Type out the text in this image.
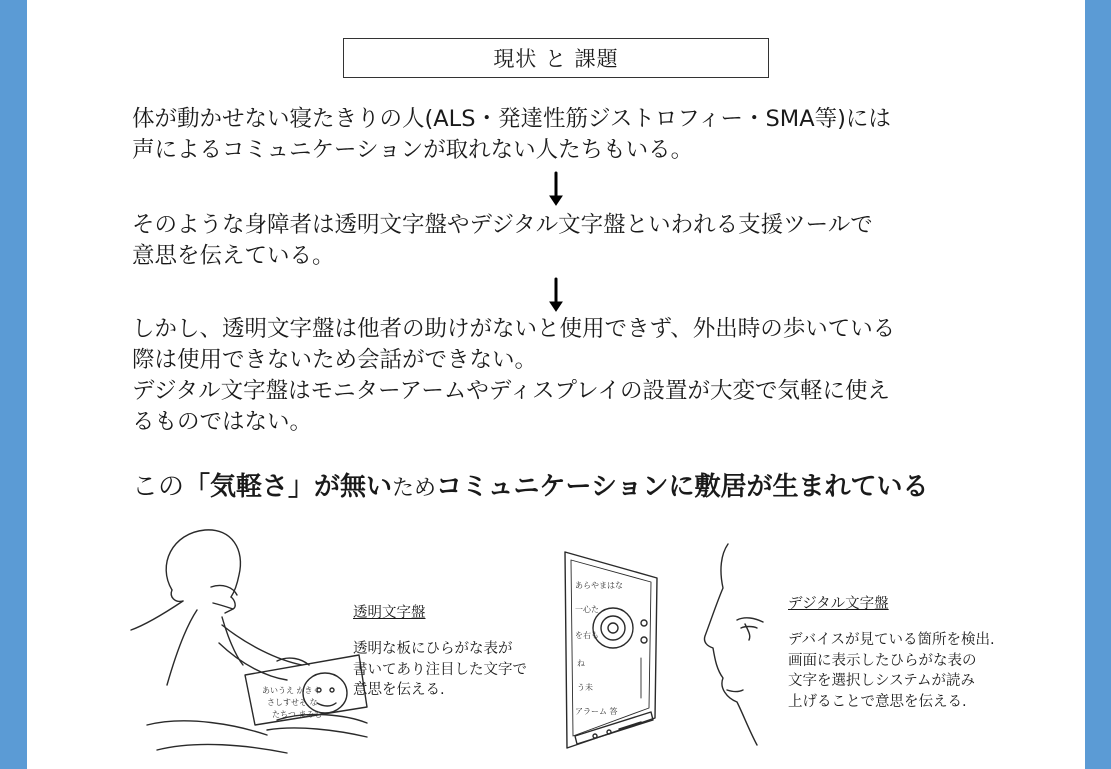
現状 と 課題
体が動かせない寝たきりの人(ALS・発達性筋ジストロフィー・SMA等)には
声によるコミュニケーションが取れない人たちもいる。
そのような身障者は透明文字盤やデジタル文字盤といわれる支援ツールで
意思を伝えている。
しかし、透明文字盤は他者の助けがないと使用できず、外出時の歩いている
際は使用できないため会話ができない。
デジタル文字盤はモニターアームやディスプレイの設置が大変で気軽に使え
るものではない。
この「気軽さ」が無いためコミュニケーションに敷居が生まれている
あいうえ かきく
さしすせそ な
たちつ まみむ
透明文字盤
透明な板にひらがな表が
書いてあり注目した文字で
意思を伝える.
あらやまはな
一心た
を右も
ね
う未
アラーム 答
デジタル文字盤
デバイスが見ている箇所を検出.
画面に表示したひらがな表の
文字を選択しシステムが読み
上げることで意思を伝える.
